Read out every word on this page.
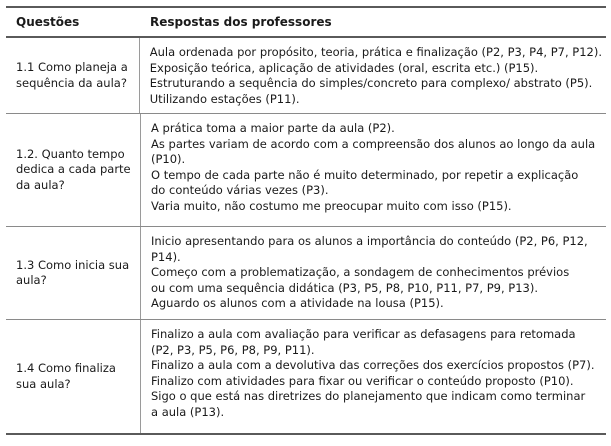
Questões	Respostas dos professores
1.1 Como planeja a
sequência da aula?
Aula ordenada por propósito, teoria, prática e finalização (P2, P3, P4, P7, P12).
Exposição teórica, aplicação de atividades (oral, escrita etc.) (P15).
Estruturando a sequência do simples/concreto para complexo/ abstrato (P5).
Utilizando estações (P11).
1.2. Quanto tempo
dedica a cada parte
da aula?
A prática toma a maior parte da aula (P2).
As partes variam de acordo com a compreensão dos alunos ao longo da aula
(P10).
O tempo de cada parte não é muito determinado, por repetir a explicação
do conteúdo várias vezes (P3).
Varia muito, não costumo me preocupar muito com isso (P15).
1.3 Como inicia sua
aula?
Inicio apresentando para os alunos a importância do conteúdo (P2, P6, P12,
P14).
Começo com a problematização, a sondagem de conhecimentos prévios
ou com uma sequência didática (P3, P5, P8, P10, P11, P7, P9, P13).
Aguardo os alunos com a atividade na lousa (P15).
1.4 Como finaliza
sua aula?
Finalizo a aula com avaliação para verificar as defasagens para retomada
(P2, P3, P5, P6, P8, P9, P11).
Finalizo a aula com a devolutiva das correções dos exercícios propostos (P7).
Finalizo com atividades para fixar ou verificar o conteúdo proposto (P10).
Sigo o que está nas diretrizes do planejamento que indicam como terminar
a aula (P13).
